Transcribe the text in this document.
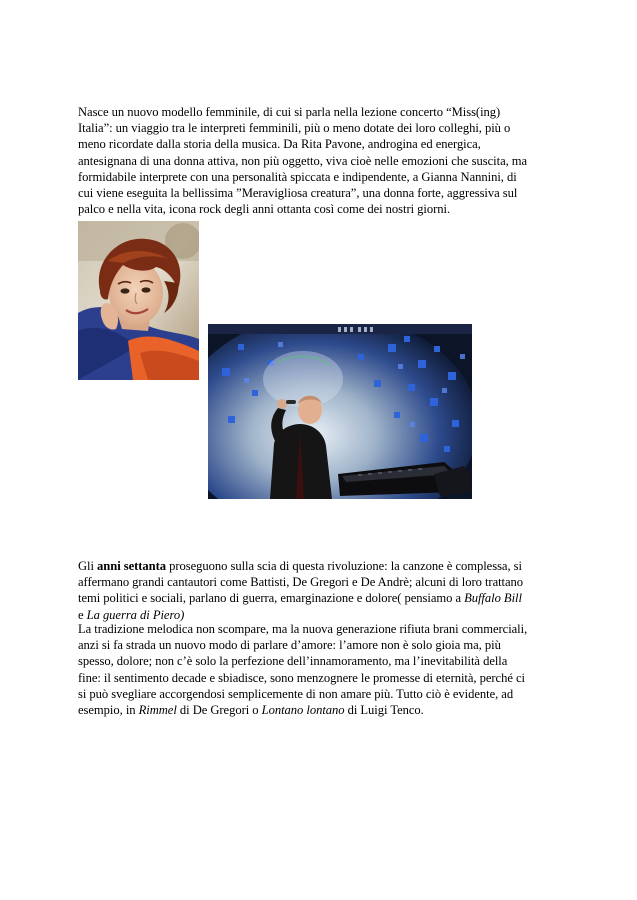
Nasce un nuovo modello femminile, di cui si parla nella lezione concerto “Miss(ing)
Italia”: un viaggio tra le interpreti femminili, più o meno dotate dei loro colleghi, più o
meno ricordate dalla storia della musica. Da Rita Pavone, androgina ed energica,
antesignana di una donna attiva, non più oggetto, viva cioè nelle emozioni che suscita, ma
formidabile interprete con una personalità spiccata e indipendente, a Gianna Nannini, di
cui viene eseguita la bellissima ”Meravigliosa creatura”, una donna forte, aggressiva sul
palco e nella vita, icona rock degli anni ottanta così come dei nostri giorni.
Gli anni settanta proseguono sulla scia di questa rivoluzione: la canzone è complessa, si
affermano grandi cantautori come Battisti, De Gregori e De Andrè; alcuni di loro trattano
temi politici e sociali, parlano di guerra, emarginazione e dolore( pensiamo a Buffalo Bill
e La guerra di Piero)
La tradizione melodica non scompare, ma la nuova generazione rifiuta brani commerciali,
anzi si fa strada un nuovo modo di parlare d’amore: l’amore non è solo gioia ma, più
spesso, dolore; non c’è solo la perfezione dell’innamoramento, ma l’inevitabilità della
fine: il sentimento decade e sbiadisce, sono menzognere le promesse di eternità, perché ci
si può svegliare accorgendosi semplicemente di non amare più. Tutto ciò è evidente, ad
esempio, in Rimmel di De Gregori o Lontano lontano di Luigi Tenco.
